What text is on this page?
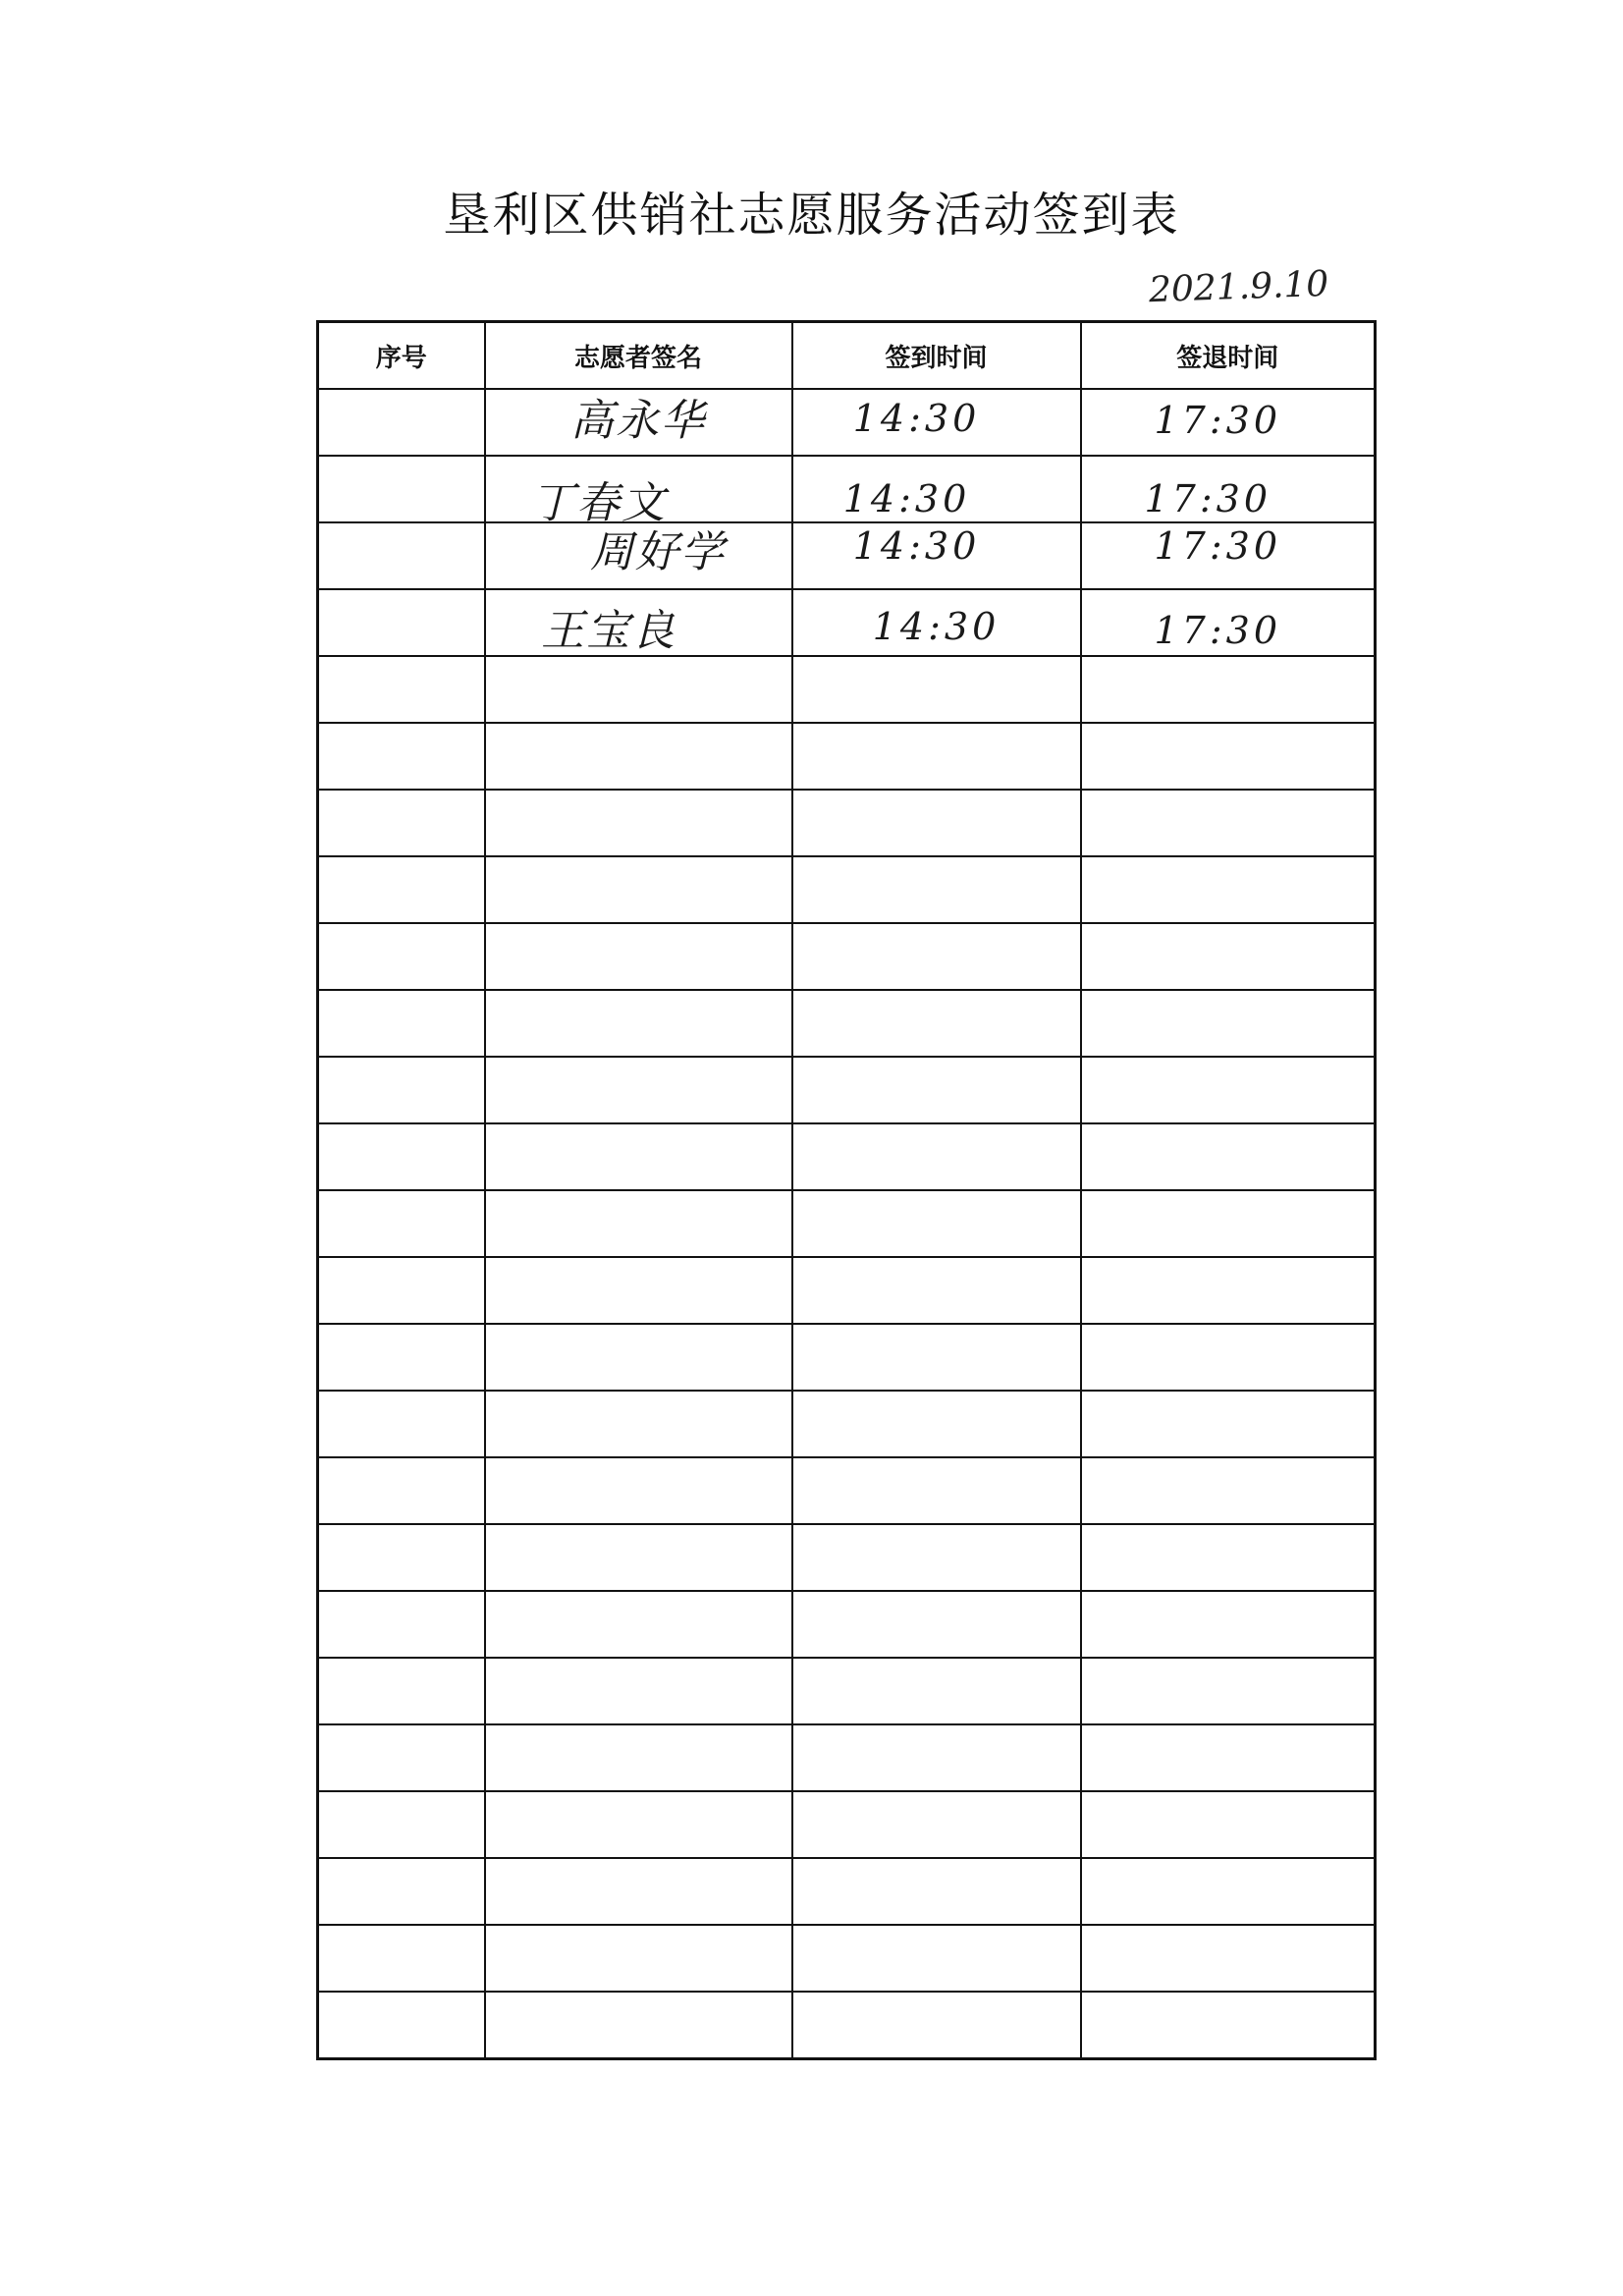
垦利区供销社志愿服务活动签到表
2021.9.10
序号	志愿者签名	签到时间	签退时间
	高永华	14:30	17:30
	丁春文	14:30	17:30
	周好学	14:30	17:30
	王宝良	14:30	17:30
